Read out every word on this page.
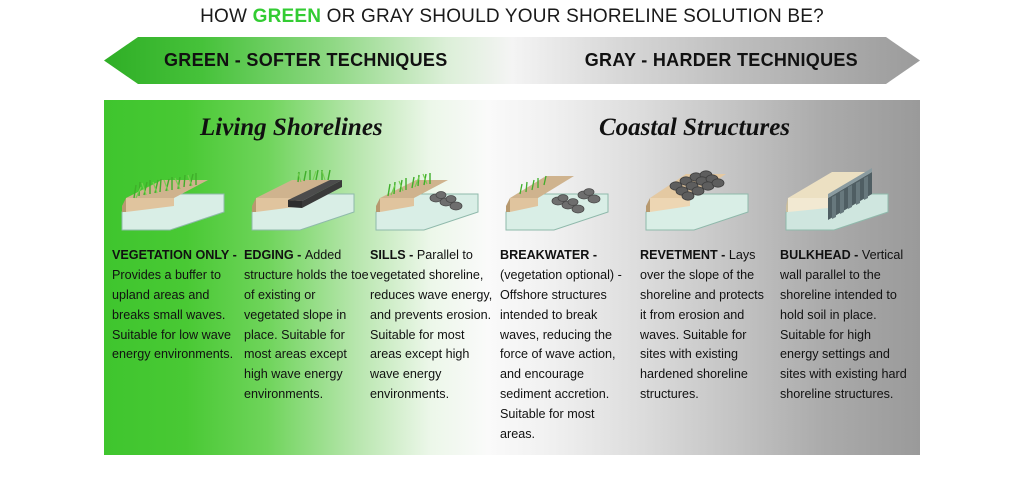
HOW GREEN OR GRAY SHOULD YOUR SHORELINE SOLUTION BE?
GREEN - SOFTER TECHNIQUES	GRAY - HARDER TECHNIQUES
Living Shorelines	Coastal Structures
VEGETATION ONLY - Provides a buffer to upland areas and breaks small waves. Suitable for low wave energy environments.
EDGING - Added structure holds the toe of existing or vegetated slope in place. Suitable for most areas except high wave energy environments.
SILLS - Parallel to vegetated shoreline, reduces wave energy, and prevents erosion. Suitable for most areas except high wave energy environments.
BREAKWATER - (vegetation optional) - Offshore structures intended to break waves, reducing the force of wave action, and encourage sediment accretion. Suitable for most areas.
REVETMENT - Lays over the slope of the shoreline and protects it from erosion and waves. Suitable for sites with existing hardened shoreline structures.
BULKHEAD - Vertical wall parallel to the shoreline intended to hold soil in place. Suitable for high energy settings and sites with existing hard shoreline structures.
